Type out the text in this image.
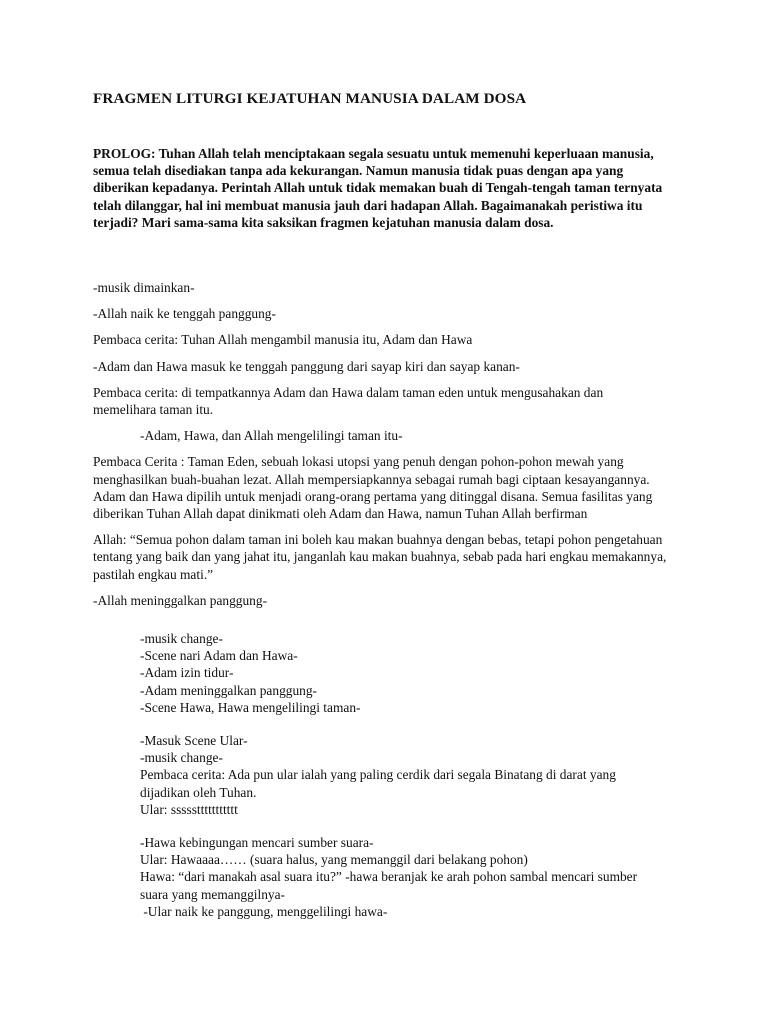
FRAGMEN LITURGI KEJATUHAN MANUSIA DALAM DOSA
PROLOG: Tuhan Allah telah menciptakaan segala sesuatu untuk memenuhi keperluaan manusia, semua telah disediakan tanpa ada kekurangan. Namun manusia tidak puas dengan apa yang diberikan kepadanya. Perintah Allah untuk tidak memakan buah di Tengah-tengah taman ternyata telah dilanggar, hal ini membuat manusia jauh dari hadapan Allah. Bagaimanakah peristiwa itu terjadi? Mari sama-sama kita saksikan fragmen kejatuhan manusia dalam dosa.

-musik dimainkan-

-Allah naik ke tenggah panggung-

Pembaca cerita: Tuhan Allah mengambil manusia itu, Adam dan Hawa

-Adam dan Hawa masuk ke tenggah panggung dari sayap kiri dan sayap kanan-

Pembaca cerita: di tempatkannya Adam dan Hawa dalam taman eden untuk mengusahakan dan memelihara taman itu.

-Adam, Hawa, dan Allah mengelilingi taman itu-

Pembaca Cerita : Taman Eden, sebuah lokasi utopsi yang penuh dengan pohon-pohon mewah yang menghasilkan buah-buahan lezat. Allah mempersiapkannya sebagai rumah bagi ciptaan kesayangannya. Adam dan Hawa dipilih untuk menjadi orang-orang pertama yang ditinggal disana. Semua fasilitas yang diberikan Tuhan Allah dapat dinikmati oleh Adam dan Hawa, namun Tuhan Allah berfirman

Allah: “Semua pohon dalam taman ini boleh kau makan buahnya dengan bebas, tetapi pohon pengetahuan tentang yang baik dan yang jahat itu, janganlah kau makan buahnya, sebab pada hari engkau memakannya, pastilah engkau mati.”

-Allah meninggalkan panggung-

-musik change-
-Scene nari Adam dan Hawa-
-Adam izin tidur-
-Adam meninggalkan panggung-
-Scene Hawa, Hawa mengelilingi taman-
-Masuk Scene Ular-
-musik change-
Pembaca cerita: Ada pun ular ialah yang paling cerdik dari segala Binatang di darat yang dijadikan oleh Tuhan.
Ular: sssssttttttttttt
-Hawa kebingungan mencari sumber suara-
Ular: Hawaaaa…… (suara halus, yang memanggil dari belakang pohon)
Hawa: “dari manakah asal suara itu?” -hawa beranjak ke arah pohon sambal mencari sumber suara yang memanggilnya-
-Ular naik ke panggung, menggelilingi hawa-
